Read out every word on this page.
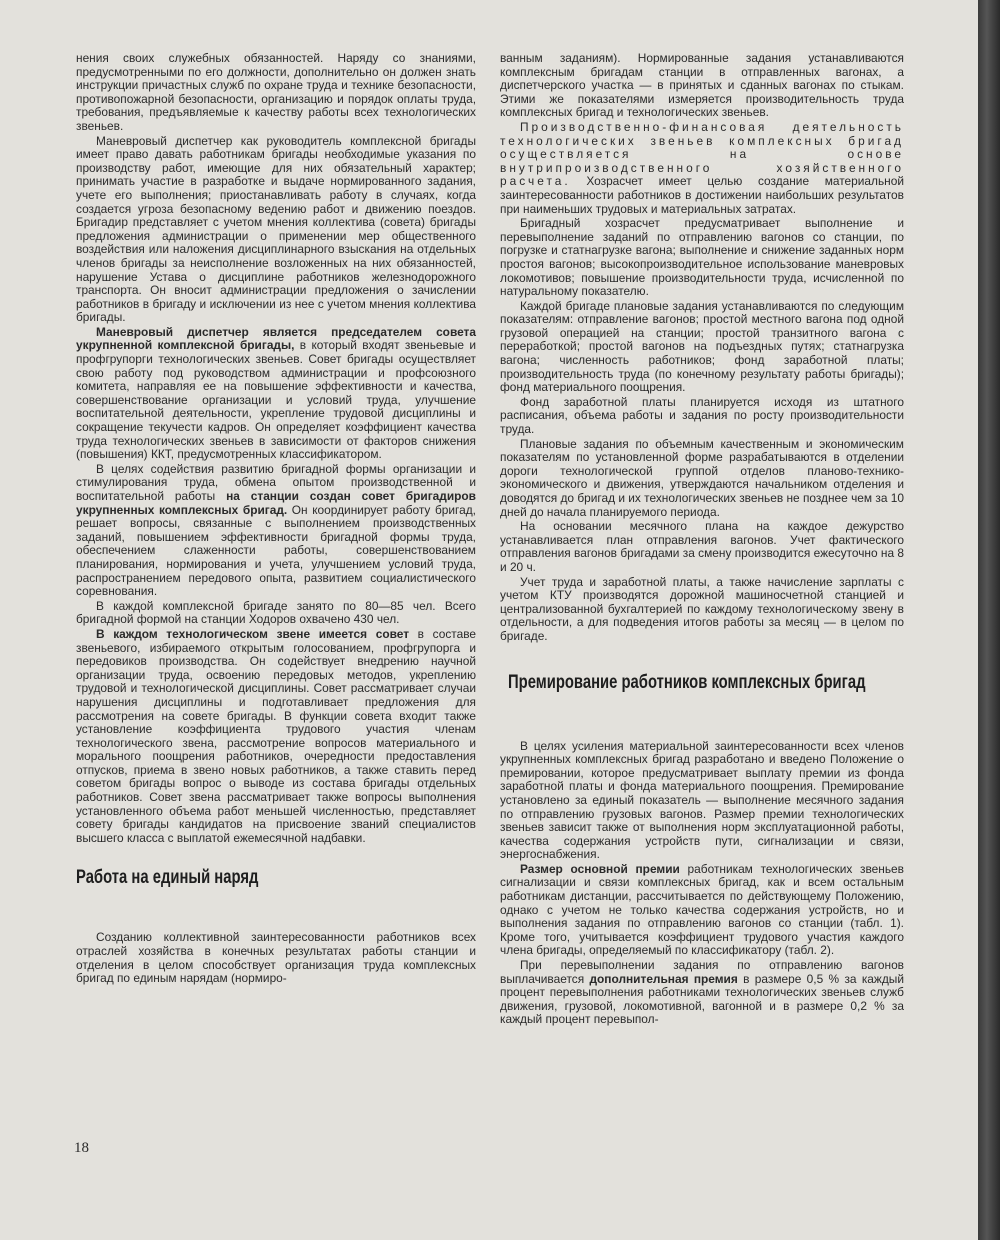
нения своих служебных обязанностей. Наряду со знаниями, предусмотренными по его должности, дополнительно он должен знать инструкции причастных служб по охране труда и технике безопасности, противопожарной безопасности, организацию и порядок оплаты труда, требования, предъявляемые к качеству работы всех технологических звеньев.

Маневровый диспетчер как руководитель комплексной бригады имеет право давать работникам бригады необходимые указания по производству работ, имеющие для них обязательный характер; принимать участие в разработке и выдаче нормированного задания, учете его выполнения; приостанавливать работу в случаях, когда создается угроза безопасному ведению работ и движению поездов. Бригадир представляет с учетом мнения коллектива (совета) бригады предложения администрации о применении мер общественного воздействия или наложения дисциплинарного взыскания на отдельных членов бригады за неисполнение возложенных на них обязанностей, нарушение Устава о дисциплине работников железнодорожного транспорта. Он вносит администрации предложения о зачислении работников в бригаду и исключении из нее с учетом мнения коллектива бригады.

Маневровый диспетчер является председателем совета укрупненной комплексной бригады, в который входят звеньевые и профгрупорги технологических звеньев. Совет бригады осуществляет свою работу под руководством администрации и профсоюзного комитета, направляя ее на повышение эффективности и качества, совершенствование организации и условий труда, улучшение воспитательной деятельности, укрепление трудовой дисциплины и сокращение текучести кадров. Он определяет коэффициент качества труда технологических звеньев в зависимости от факторов снижения (повышения) ККТ, предусмотренных классификатором.

В целях содействия развитию бригадной формы организации и стимулирования труда, обмена опытом производственной и воспитательной работы на станции создан совет бригадиров укрупненных комплексных бригад. Он координирует работу бригад, решает вопросы, связанные с выполнением производственных заданий, повышением эффективности бригадной формы труда, обеспечением слаженности работы, совершенствованием планирования, нормирования и учета, улучшением условий труда, распространением передового опыта, развитием социалистического соревнования.

В каждой комплексной бригаде занято по 80—85 чел. Всего бригадной формой на станции Ходоров охвачено 430 чел.

В каждом технологическом звене имеется совет в составе звеньевого, избираемого открытым голосованием, профгрупорга и передовиков производства. Он содействует внедрению научной организации труда, освоению передовых методов, укреплению трудовой и технологической дисциплины. Совет рассматривает случаи нарушения дисциплины и подготавливает предложения для рассмотрения на совете бригады. В функции совета входит также установление коэффициента трудового участия членам технологического звена, рассмотрение вопросов материального и морального поощрения работников, очередности предоставления отпусков, приема в звено новых работников, а также ставить перед советом бригады вопрос о выводе из состава бригады отдельных работников. Совет звена рассматривает также вопросы выполнения установленного объема работ меньшей численностью, представляет совету бригады кандидатов на присвоение званий специалистов высшего класса с выплатой ежемесячной надбавки.

Работа на единый наряд

Созданию коллективной заинтересованности работников всех отраслей хозяйства в конечных результатах работы станции и отделения в целом способствует организация труда комплексных бригад по единым нарядам (нормиро-

ванным заданиям). Нормированные задания устанавливаются комплексным бригадам станции в отправленных вагонах, а диспетчерского участка — в принятых и сданных вагонах по стыкам. Этими же показателями измеряется производительность труда комплексных бригад и технологических звеньев.

Производственно-финансовая деятельность технологических звеньев комплексных бригад осуществляется на основе внутрипроизводственного хозяйственного расчета. Хозрасчет имеет целью создание материальной заинтересованности работников в достижении наибольших результатов при наименьших трудовых и материальных затратах.

Бригадный хозрасчет предусматривает выполнение и перевыполнение заданий по отправлению вагонов со станции, по погрузке и статнагрузке вагона; выполнение и снижение заданных норм простоя вагонов; высокопроизводительное использование маневровых локомотивов; повышение производительности труда, исчисленной по натуральному показателю.

Каждой бригаде плановые задания устанавливаются по следующим показателям: отправление вагонов; простой местного вагона под одной грузовой операцией на станции; простой транзитного вагона с переработкой; простой вагонов на подъездных путях; статнагрузка вагона; численность работников; фонд заработной платы; производительность труда (по конечному результату работы бригады); фонд материального поощрения.

Фонд заработной платы планируется исходя из штатного расписания, объема работы и задания по росту производительности труда.

Плановые задания по объемным качественным и экономическим показателям по установленной форме разрабатываются в отделении дороги технологической группой отделов планово-технико-экономического и движения, утверждаются начальником отделения и доводятся до бригад и их технологических звеньев не позднее чем за 10 дней до начала планируемого периода.

На основании месячного плана на каждое дежурство устанавливается план отправления вагонов. Учет фактического отправления вагонов бригадами за смену производится ежесуточно на 8 и 20 ч.

Учет труда и заработной платы, а также начисление зарплаты с учетом КТУ производятся дорожной машиносчетной станцией и централизованной бухгалтерией по каждому технологическому звену в отдельности, а для подведения итогов работы за месяц — в целом по бригаде.

Премирование работников комплексных бригад

В целях усиления материальной заинтересованности всех членов укрупненных комплексных бригад разработано и введено Положение о премировании, которое предусматривает выплату премии из фонда заработной платы и фонда материального поощрения. Премирование установлено за единый показатель — выполнение месячного задания по отправлению грузовых вагонов. Размер премии технологических звеньев зависит также от выполнения норм эксплуатационной работы, качества содержания устройств пути, сигнализации и связи, энергоснабжения.

Размер основной премии работникам технологических звеньев сигнализации и связи комплексных бригад, как и всем остальным работникам дистанции, рассчитывается по действующему Положению, однако с учетом не только качества содержания устройств, но и выполнения задания по отправлению вагонов со станции (табл. 1). Кроме того, учитывается коэффициент трудового участия каждого члена бригады, определяемый по классификатору (табл. 2).

При перевыполнении задания по отправлению вагонов выплачивается дополнительная премия в размере 0,5 % за каждый процент перевыполнения работниками технологических звеньев служб движения, грузовой, локомотивной, вагонной и в размере 0,2 % за каждый процент перевыпол-

18
